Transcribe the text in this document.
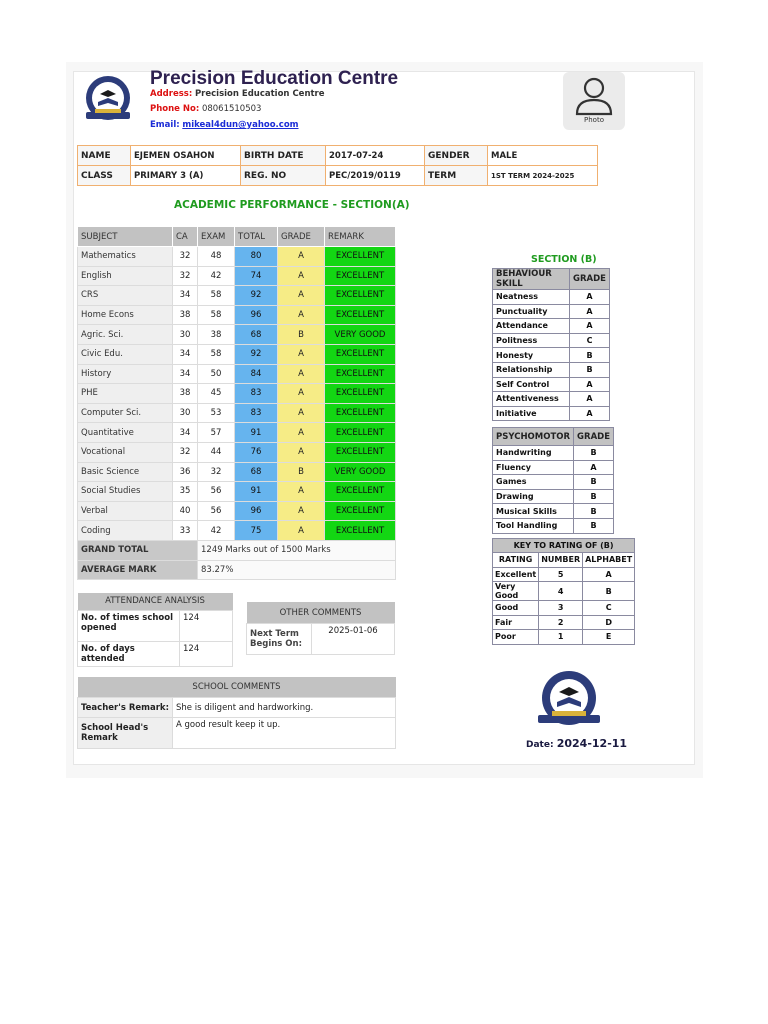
Precision Education Centre
Address: Precision Education Centre
Phone No: 08061510503
Email: mikeal4dun@yahoo.com	Photo
NAME	EJEMEN OSAHON	BIRTH DATE	2017-07-24	GENDER	MALE
CLASS	PRIMARY 3 (A)	REG. NO	PEC/2019/0119	TERM	1ST TERM 2024-2025
ACADEMIC PERFORMANCE - SECTION(A)
SUBJECT	CA	EXAM	TOTAL	GRADE	REMARK
Mathematics	32	48	80	A	EXCELLENT
English	32	42	74	A	EXCELLENT
CRS	34	58	92	A	EXCELLENT
Home Econs	38	58	96	A	EXCELLENT
Agric. Sci.	30	38	68	B	VERY GOOD
Civic Edu.	34	58	92	A	EXCELLENT
History	34	50	84	A	EXCELLENT
PHE	38	45	83	A	EXCELLENT
Computer Sci.	30	53	83	A	EXCELLENT
Quantitative	34	57	91	A	EXCELLENT
Vocational	32	44	76	A	EXCELLENT
Basic Science	36	32	68	B	VERY GOOD
Social Studies	35	56	91	A	EXCELLENT
Verbal	40	56	96	A	EXCELLENT
Coding	33	42	75	A	EXCELLENT
GRAND TOTAL		1249 Marks out of 1500 Marks			
AVERAGE MARK		83.27%			
SECTION (B)
BEHAVIOUR SKILL	GRADE
Neatness	A
Punctuality	A
Attendance	A
Politness	C
Honesty	B
Relationship	B
Self Control	A
Attentiveness	A
Initiative	A
PSYCHOMOTOR	GRADE
Handwriting	B
Fluency	A
Games	B
Drawing	B
Musical Skills	B
Tool Handling	B
KEY TO RATING OF (B)		
RATING	NUMBER	ALPHABET
Excellent	5	A
Very Good	4	B
Good	3	C
Fair	2	D
Poor	1	E
ATTENDANCE ANALYSIS	
No. of times school opened	124
No. of days attended	124
OTHER COMMENTS
Next Term Begins On:	2025-01-06
SCHOOL COMMENTS	
Teacher's Remark:	She is diligent and hardworking.
School Head's Remark	A good result keep it up.
Date: 2024-12-11
